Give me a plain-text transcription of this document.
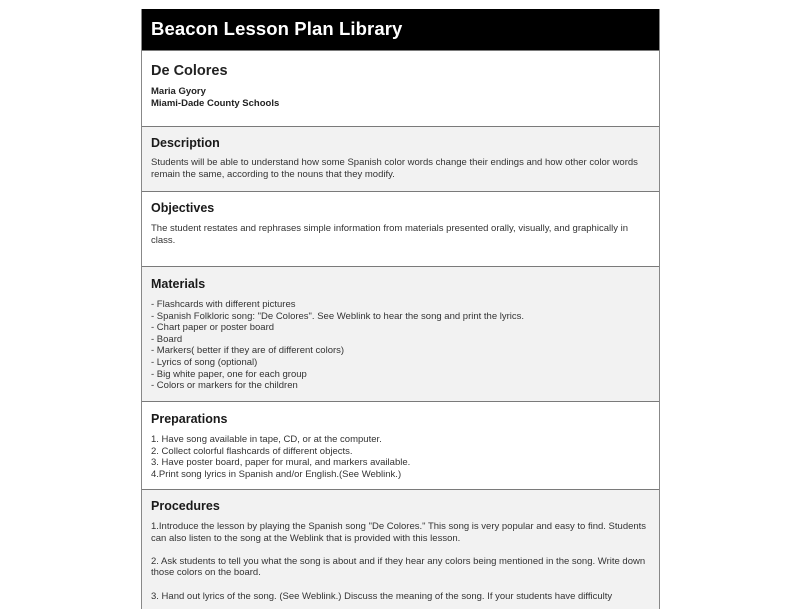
Beacon Lesson Plan Library
De Colores
Maria Gyory
Miami-Dade County Schools
Description
Students will be able to understand how some Spanish color words change their endings and how other color words remain the same, according to the nouns that they modify.
Objectives
The student restates and rephrases simple information from materials presented orally, visually, and graphically in class.
Materials
- Flashcards with different pictures
- Spanish Folkloric song: "De Colores". See Weblink to hear the song and print the lyrics.
- Chart paper or poster board
- Board
- Markers( better if they are of different colors)
- Lyrics of song (optional)
- Big white paper, one for each group
- Colors or markers for the children
Preparations
1. Have song available in tape, CD, or at the computer.
2. Collect colorful flashcards of different objects.
3. Have poster board, paper for mural, and markers available.
4.Print song lyrics in Spanish and/or English.(See Weblink.)
Procedures
1.Introduce the lesson by playing the Spanish song "De Colores." This song is very popular and easy to find. Students can also listen to the song at the Weblink that is provided with this lesson.
2. Ask students to tell you what the song is about and if they hear any colors being mentioned in the song. Write down those colors on the board.
3. Hand out lyrics of the song. (See Weblink.) Discuss the meaning of the song. If your students have difficulty
